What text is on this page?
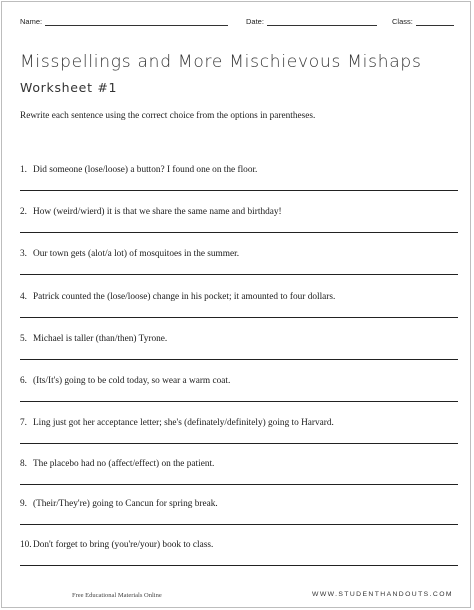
Name:	Date:	Class:
Misspellings and More Mischievous Mishaps
Worksheet #1
Rewrite each sentence using the correct choice from the options in parentheses.
1. Did someone (lose/loose) a button? I found one on the floor.
2. How (weird/wierd) it is that we share the same name and birthday!
3. Our town gets (alot/a lot) of mosquitoes in the summer.
4. Patrick counted the (lose/loose) change in his pocket; it amounted to four dollars.
5. Michael is taller (than/then) Tyrone.
6. (Its/It's) going to be cold today, so wear a warm coat.
7. Ling just got her acceptance letter; she's (definately/definitely) going to Harvard.
8. The placebo had no (affect/effect) on the patient.
9. (Their/They're) going to Cancun for spring break.
10.Don't forget to bring (you're/your) book to class.
Free Educational Materials Online	WWW.STUDENTHANDOUTS.COM
